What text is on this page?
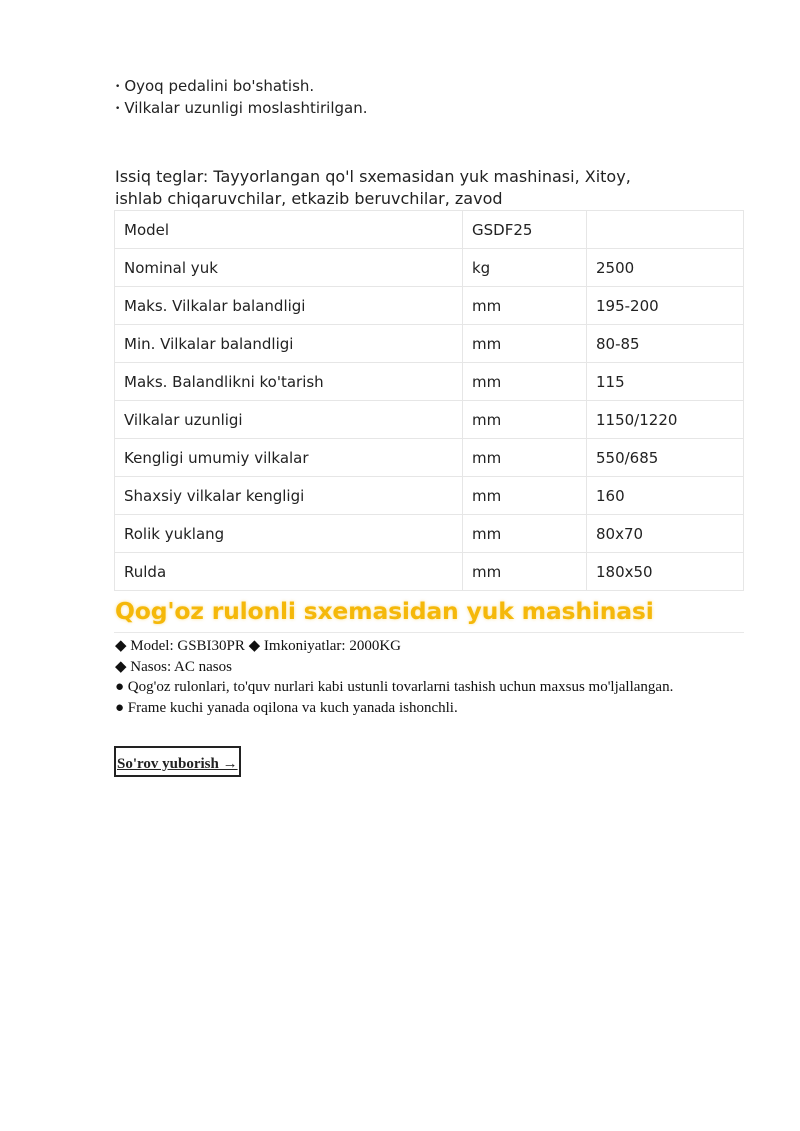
• Oyoq pedalini bo'shatish.
• Vilkalar uzunligi moslashtirilgan.
Issiq teglar: Tayyorlangan qo'l sxemasidan yuk mashinasi, Xitoy, ishlab chiqaruvchilar, etkazib beruvchilar, zavod
Model	GSDF25	
Nominal yuk	kg	2500
Maks. Vilkalar balandligi	mm	195-200
Min. Vilkalar balandligi	mm	80-85
Maks. Balandlikni ko'tarish	mm	115
Vilkalar uzunligi	mm	1150/1220
Kengligi umumiy vilkalar	mm	550/685
Shaxsiy vilkalar kengligi	mm	160
Rolik yuklang	mm	80x70
Rulda	mm	180x50
Qog'oz rulonli sxemasidan yuk mashinasi
◆ Model: GSBI30PR ◆ Imkoniyatlar: 2000KG
◆ Nasos: AC nasos
● Qog'oz rulonlari, to'quv nurlari kabi ustunli tovarlarni tashish uchun maxsus mo'ljallangan.
● Frame kuchi yanada oqilona va kuch yanada ishonchli.
So'rov yuborish →
